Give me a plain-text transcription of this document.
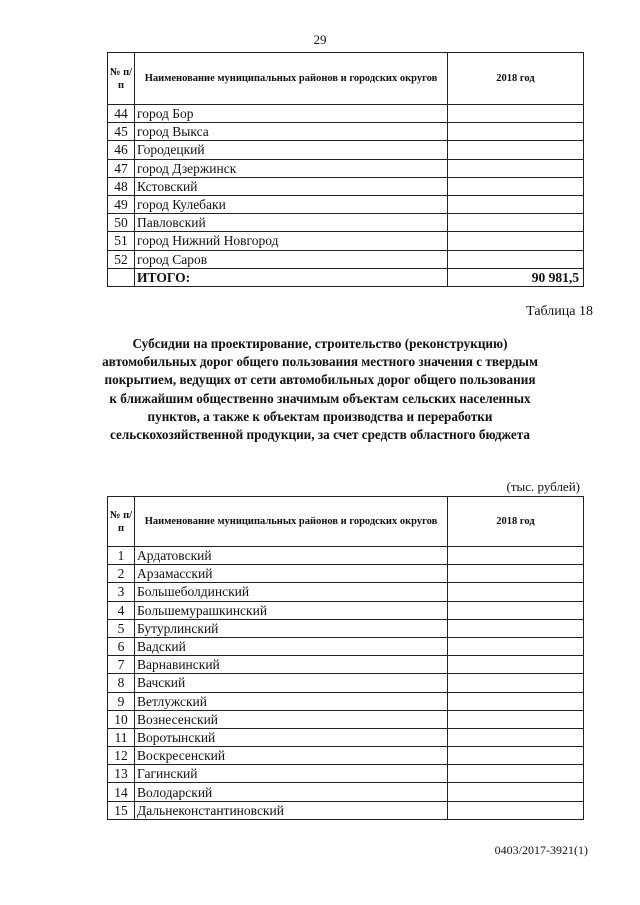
29
№ п/п	Наименование муниципальных районов и городских округов	2018 год
44	город Бор	
45	город Выкса	
46	Городецкий	
47	город Дзержинск	
48	Кстовский	
49	город Кулебаки	
50	Павловский	
51	город Нижний Новгород	
52	город Саров	
	ИТОГО:	90 981,5
Таблица 18
Субсидии на проектирование, строительство (реконструкцию) автомобильных дорог общего пользования местного значения с твердым покрытием, ведущих от сети автомобильных дорог общего пользования к ближайшим общественно значимым объектам сельских населенных пунктов, а также к объектам производства и переработки сельскохозяйственной продукции, за счет средств областного бюджета
(тыс. рублей)
№ п/п	Наименование муниципальных районов и городских округов	2018 год
1	Ардатовский	
2	Арзамасский	
3	Большеболдинский	
4	Большемурашкинский	
5	Бутурлинский	
6	Вадский	
7	Варнавинский	
8	Вачский	
9	Ветлужский	
10	Вознесенский	
11	Воротынский	
12	Воскресенский	
13	Гагинский	
14	Володарский	
15	Дальнеконстантиновский	
0403/2017-3921(1)
